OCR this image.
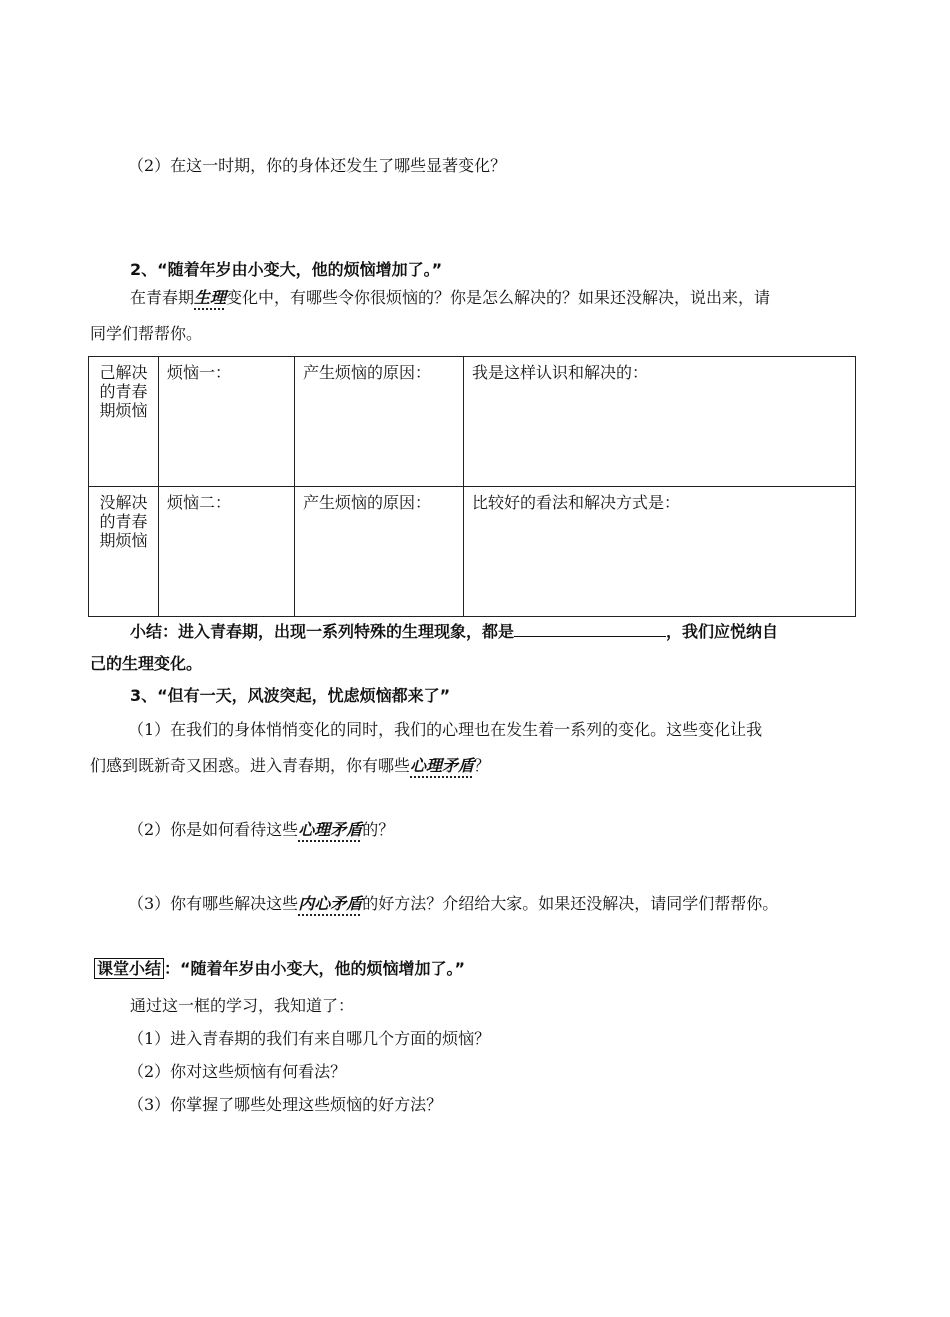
（2）在这一时期，你的身体还发生了哪些显著变化？
2、“随着年岁由小变大，他的烦恼增加了。”
在青春期生理变化中，有哪些令你很烦恼的？你是怎么解决的？如果还没解决，说出来，请
同学们帮帮你。
己解决
的青春
期烦恼	烦恼一：	产生烦恼的原因：	我是这样认识和解决的：

没解决
的青春
期烦恼	烦恼二：	产生烦恼的原因：	比较好的看法和解决方式是：
小结：进入青春期，出现一系列特殊的生理现象，都是	，我们应悦纳自
己的生理变化。
3、“但有一天，风波突起，忧虑烦恼都来了”
（1）在我们的身体悄悄变化的同时，我们的心理也在发生着一系列的变化。这些变化让我
们感到既新奇又困惑。进入青春期，你有哪些心理矛盾？
（2）你是如何看待这些心理矛盾的？
（3）你有哪些解决这些内心矛盾的好方法？介绍给大家。如果还没解决，请同学们帮帮你。
课堂小结 ：“随着年岁由小变大，他的烦恼增加了。”
通过这一框的学习，我知道了：
（1）进入青春期的我们有来自哪几个方面的烦恼？
（2）你对这些烦恼有何看法？
（3）你掌握了哪些处理这些烦恼的好方法？
